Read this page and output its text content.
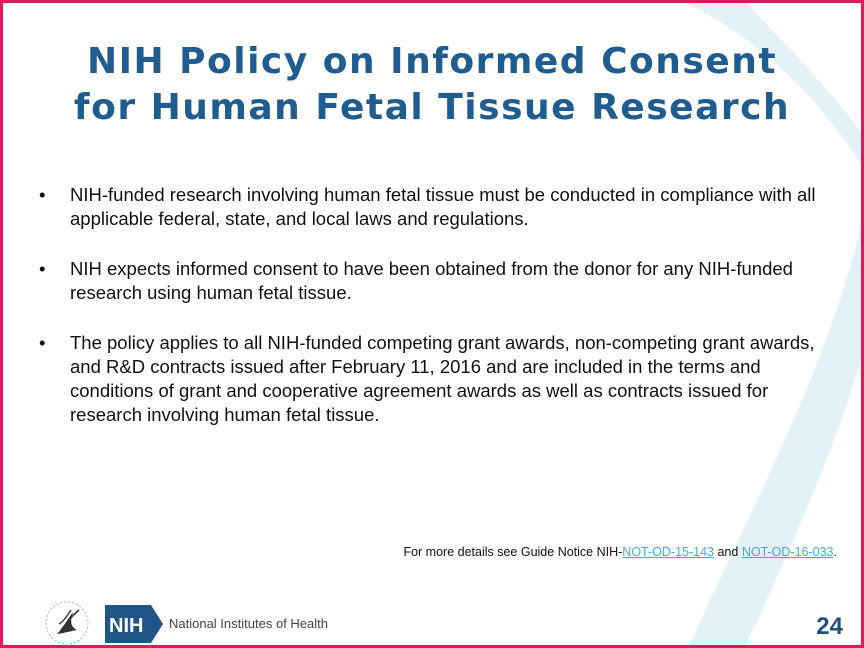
NIH Policy on Informed Consent
for Human Fetal Tissue Research
• NIH-funded research involving human fetal tissue must be conducted in compliance with all applicable federal, state, and local laws and regulations.
• NIH expects informed consent to have been obtained from the donor for any NIH-funded research using human fetal tissue.
• The policy applies to all NIH-funded competing grant awards, non-competing grant awards, and R&D contracts issued after February 11, 2016 and are included in the terms and conditions of grant and cooperative agreement awards as well as contracts issued for research involving human fetal tissue.
For more details see Guide Notice NIH-NOT-OD-15-143 and NOT-OD-16-033.
NIH National Institutes of Health	24
